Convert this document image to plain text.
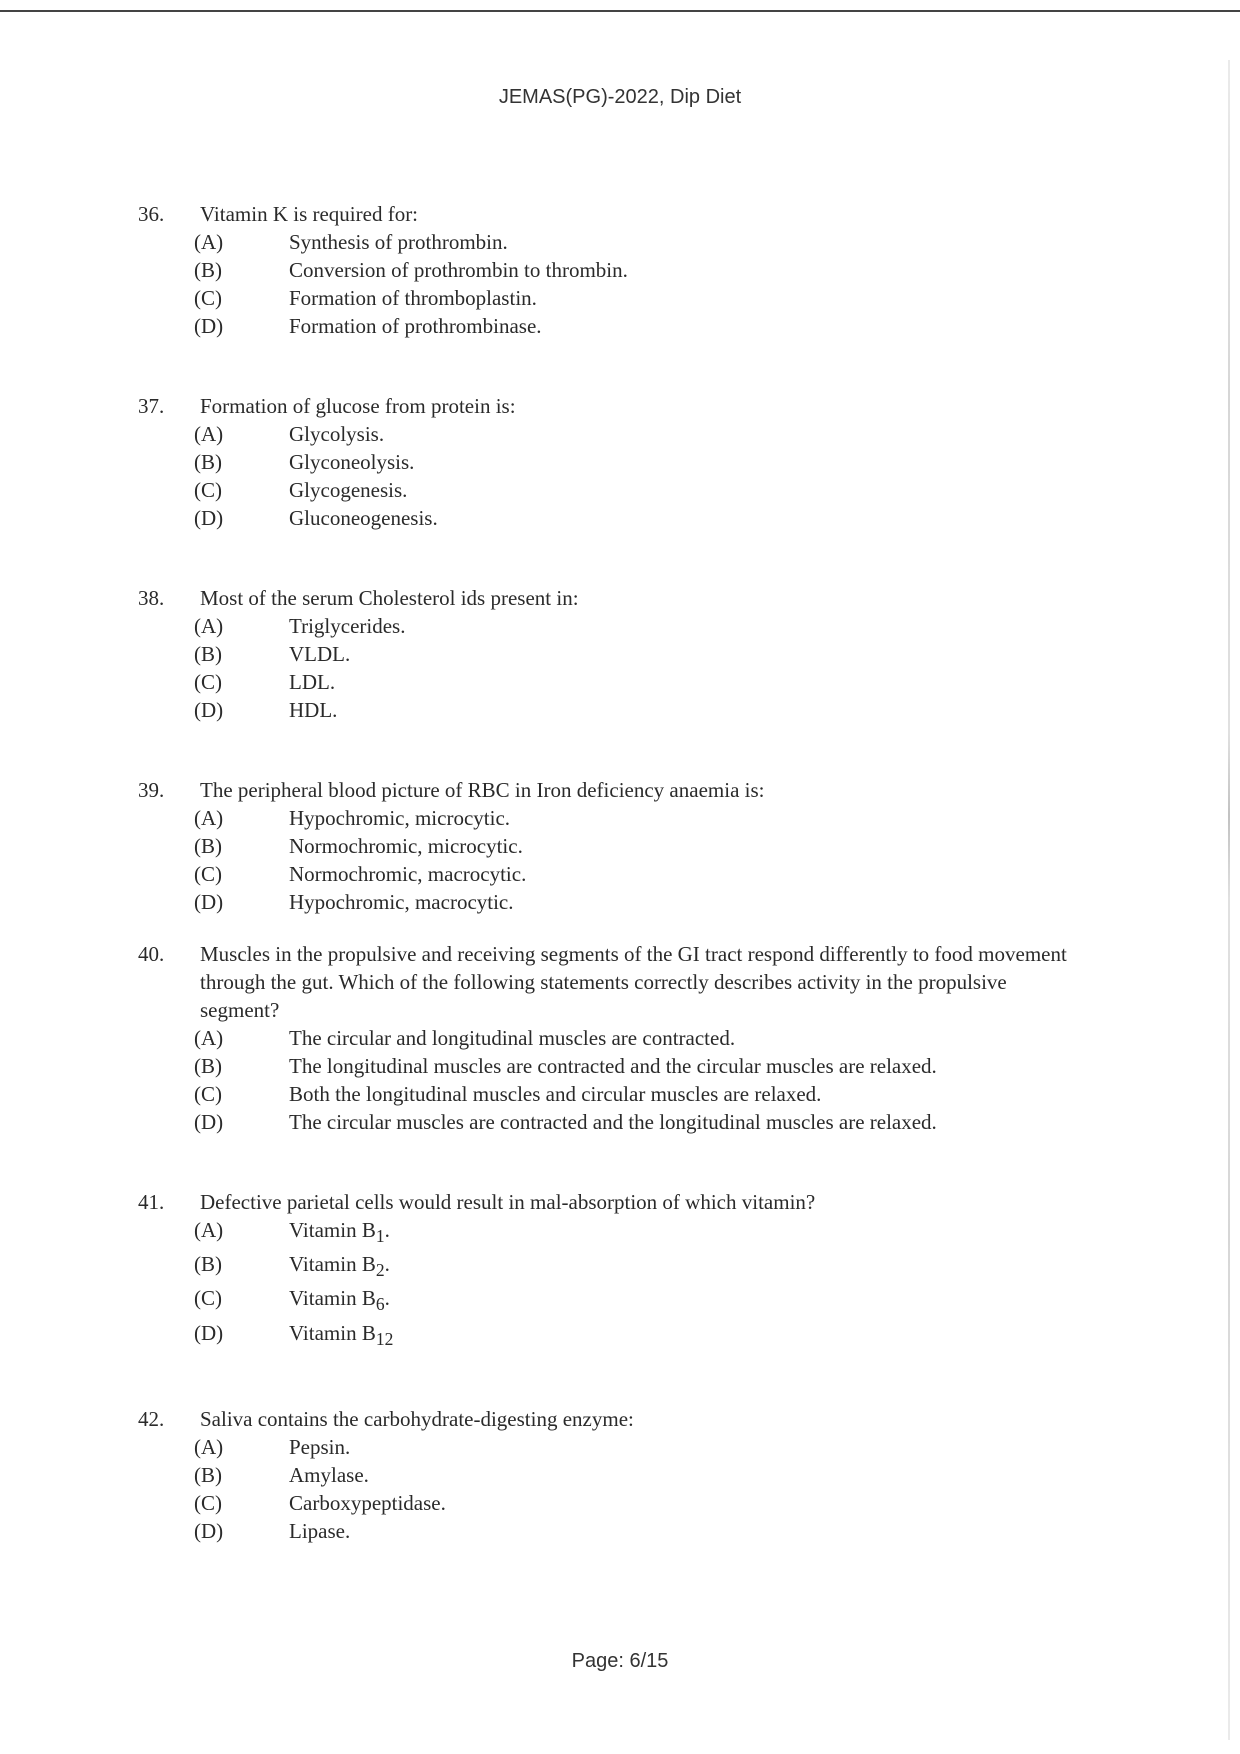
JEMAS(PG)-2022, Dip Diet
36.	Vitamin K is required for:
(A)	Synthesis of prothrombin.
(B)	Conversion of prothrombin to thrombin.
(C)	Formation of thromboplastin.
(D)	Formation of prothrombinase.
37.	Formation of glucose from protein is:
(A)	Glycolysis.
(B)	Glyconeolysis.
(C)	Glycogenesis.
(D)	Gluconeogenesis.
38.	Most of the serum Cholesterol ids present in:
(A)	Triglycerides.
(B)	VLDL.
(C)	LDL.
(D)	HDL.
39.	The peripheral blood picture of RBC in Iron deficiency anaemia is:
(A)	Hypochromic, microcytic.
(B)	Normochromic, microcytic.
(C)	Normochromic, macrocytic.
(D)	Hypochromic, macrocytic.
40.	Muscles in the propulsive and receiving segments of the GI tract respond differently to food movement through the gut. Which of the following statements correctly describes activity in the propulsive segment?
(A)	The circular and longitudinal muscles are contracted.
(B)	The longitudinal muscles are contracted and the circular muscles are relaxed.
(C)	Both the longitudinal muscles and circular muscles are relaxed.
(D)	The circular muscles are contracted and the longitudinal muscles are relaxed.
41.	Defective parietal cells would result in mal-absorption of which vitamin?
(A)	Vitamin $B_1$.
(B)	Vitamin $B_2$.
(C)	Vitamin $B_6$.
(D)	Vitamin $B_{12}$
42.	Saliva contains the carbohydrate-digesting enzyme:
(A)	Pepsin.
(B)	Amylase.
(C)	Carboxypeptidase.
(D)	Lipase.
Page: 6/15
